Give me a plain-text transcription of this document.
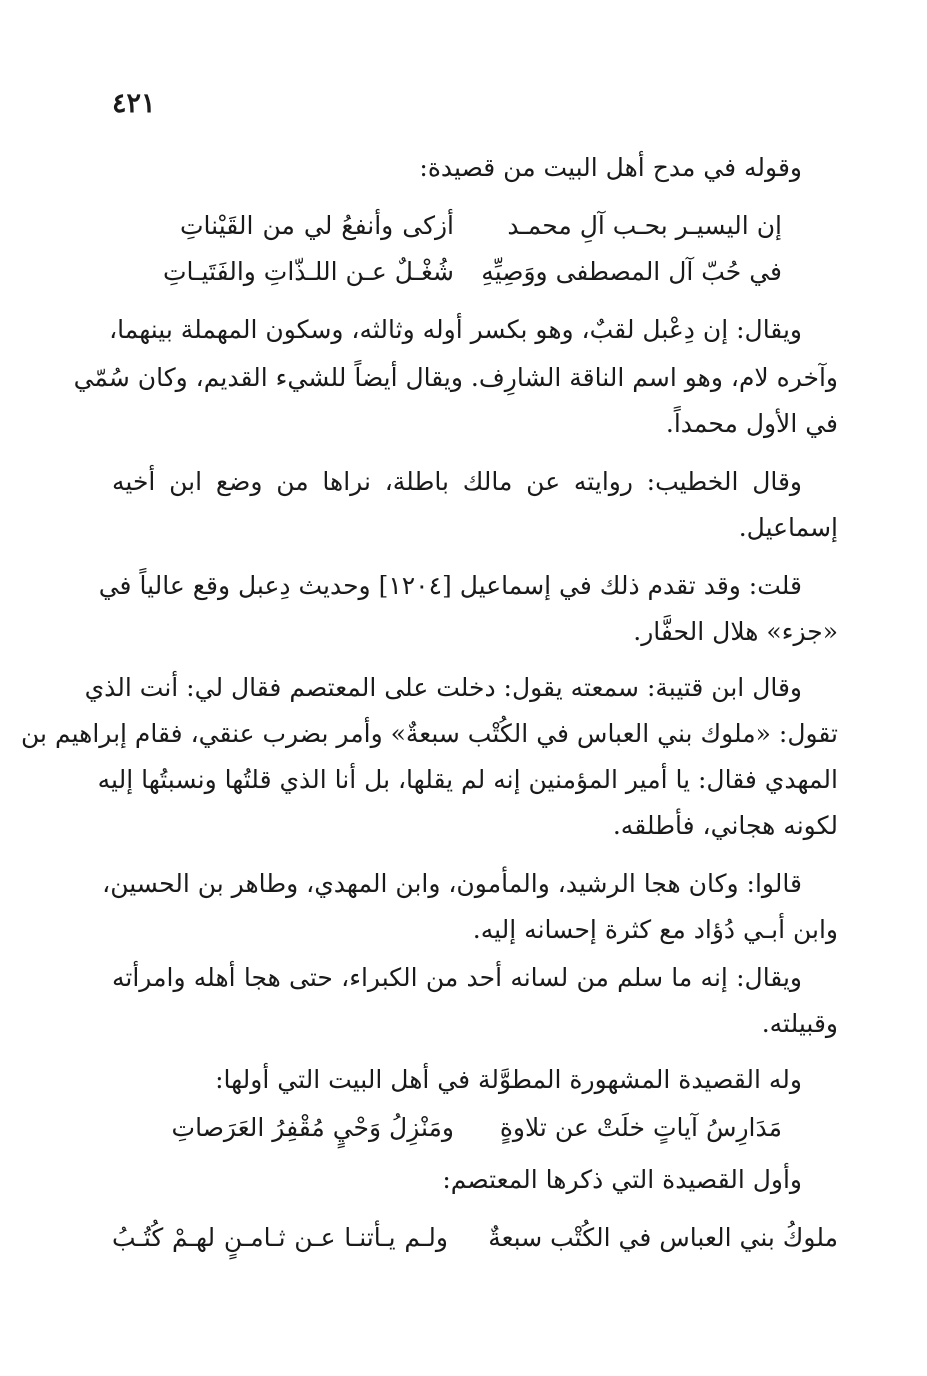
٤٢١
وقوله في مدح أهل البيت من قصيدة:
إن اليسيـر بحـب آلِ محمـد
أزكى وأنفعُ لي من القَيْناتِ
في حُبّ آل المصطفى ووَصِيِّهِ
شُغْـلٌ عـن اللـذّاتِ والفَتَيـاتِ
ويقال: إن دِعْبل لقبٌ، وهو بكسر أوله وثالثه، وسكون المهملة بينهما،
وآخره لام، وهو اسم الناقة الشارِف. ويقال أيضاً للشيء القديم، وكان سُمّي
في الأول محمداً.
وقال الخطيب: روايته عن مالك باطلة، نراها من وضع ابن أخيه
إسماعيل.
قلت: وقد تقدم ذلك في إسماعيل [١٢٠٤] وحديث دِعبل وقع عالياً في
«جزء» هلال الحفَّار.
وقال ابن قتيبة: سمعته يقول: دخلت على المعتصم فقال لي: أنت الذي
تقول: «ملوك بني العباس في الكُتْب سبعةٌ» وأمر بضرب عنقي، فقام إبراهيم بن
المهدي فقال: يا أمير المؤمنين إنه لم يقلها، بل أنا الذي قلتُها ونسبتُها إليه
لكونه هجاني، فأطلقه.
قالوا: وكان هجا الرشيد، والمأمون، وابن المهدي، وطاهر بن الحسين،
وابن أبـي دُؤاد مع كثرة إحسانه إليه.
ويقال: إنه ما سلم من لسانه أحد من الكبراء، حتى هجا أهله وامرأته
وقبيلته.
وله القصيدة المشهورة المطوَّلة في أهل البيت التي أولها:
مَدَارِسُ آياتٍ خلَتْ عن تلاوةٍ
ومَنْزِلُ وَحْيٍ مُقْفِرُ العَرَصاتِ
وأول القصيدة التي ذكرها المعتصم:
ملوكُ بني العباس في الكُتْب سبعةٌ
ولـم يـأتنـا عـن ثـامـنٍ لهـمْ كُتُـبُ
